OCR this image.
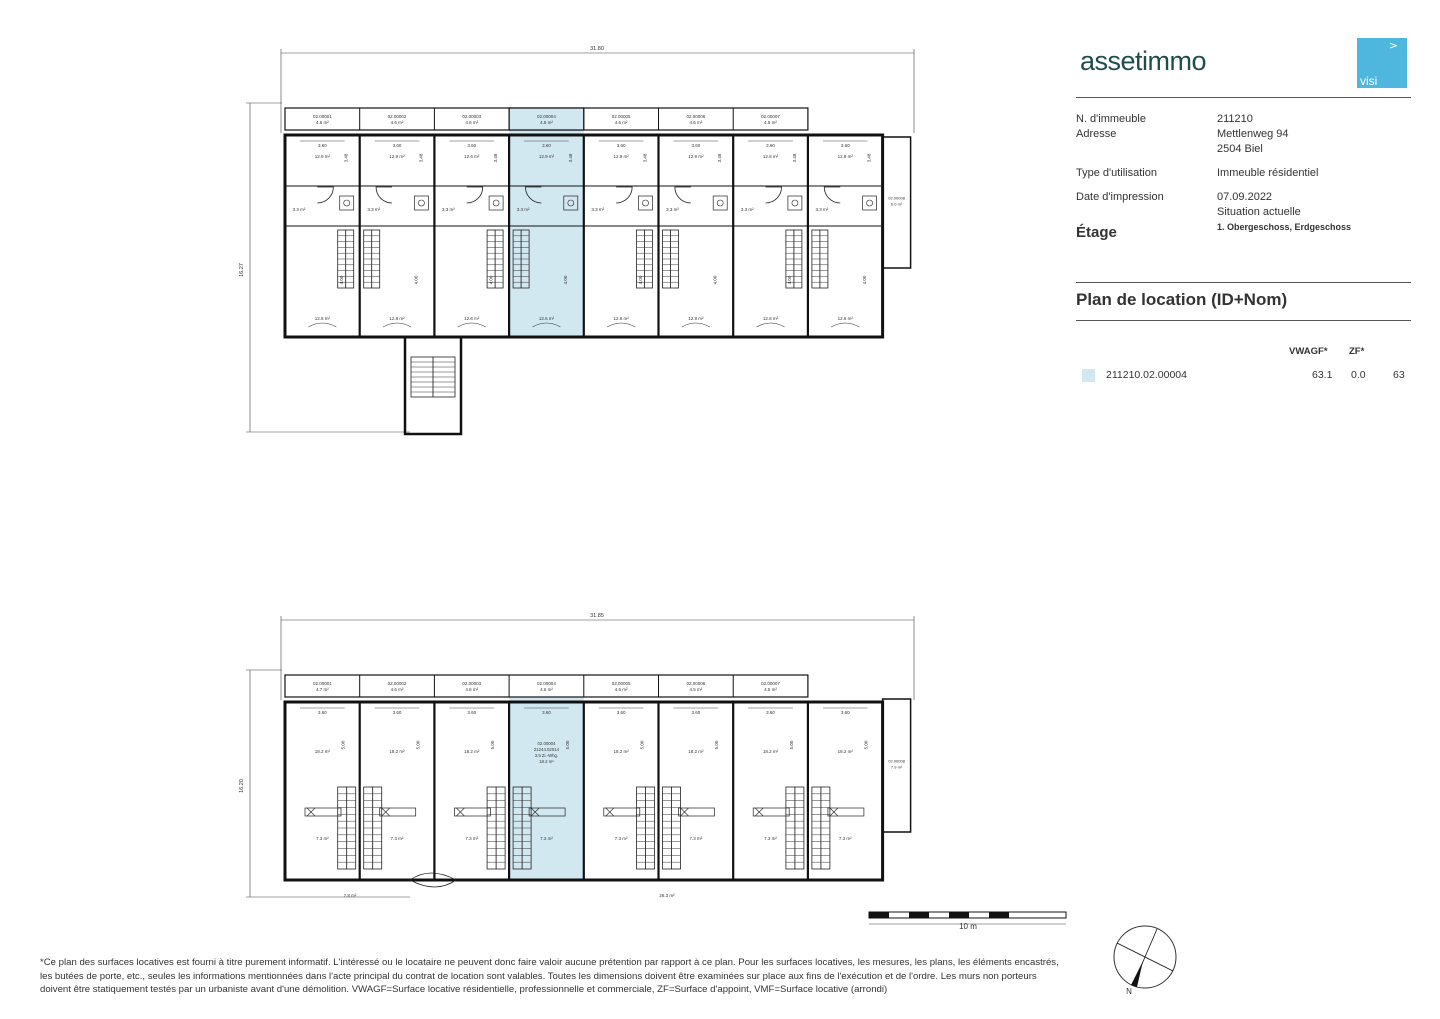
31.80
16.27
02.00001
4.6 m²
02.00002
4.6 m²
02.00003
4.6 m²
02.00004
4.6 m²
02.00005
4.6 m²
02.00006
4.6 m²
02.00007
4.5 m²
02.00008
6.0 m²
3.60
12.9 m²	3.48
3.3 m²
4.00
12.6 m²
3.60
12.9 m²	3.48
3.3 m²
4.00
12.8 m²
3.60
12.6 m²	3.48
3.3 m²
4.00
12.6 m²
3.60
12.9 m²	3.48
3.3 m²
4.00
12.6 m²
3.60
12.9 m²	3.48
3.3 m²
4.00
12.6 m²
3.60
12.9 m²	3.48
3.3 m²
4.00
12.9 m²
3.60
12.8 m²	3.48
3.3 m²
4.00
12.8 m²
3.60
12.8 m²	3.48
3.3 m²
4.00
12.6 m²
31.85
16.20
02.00001
4.7 m²
02.00002
4.6 m²
02.00003
4.6 m²
02.00004
4.6 m²
02.00005
4.6 m²
02.00006
4.5 m²
02.00007
4.5 m²
02.00008
7.9 m²
3.60
18.2 m²
5.00
7.3 m²
3.60
18.2 m²
5.00
7.3 m²
3.60
18.2 m²
5.00
7.3 m²
3.60
02.00004
21244.02014
3.5 Zi.-Whg.
18.2 m²
5.00
7.3 m²
3.60
18.2 m²
5.00
7.3 m²
3.60
18.2 m²
5.00
7.3 m²
3.60
18.2 m²
5.00
7.3 m²
3.60
18.2 m²
5.00
7.3 m²
7.8 m²	26.3 m²
10 m
N
assetimmo
>
visi
N. d'immeuble	211210
Adresse	Mettlenweg 94
2504 Biel
Type d'utilisation	Immeuble résidentiel
Date d'impression	07.09.2022
Situation actuelle
Étage	1. Obergeschoss, Erdgeschoss
Plan de location (ID+Nom)
VWAGF* ZF*
211210.02.00004	63.1 0.0	63

*Ce plan des surfaces locatives est fourni à titre purement informatif. L'intéressé ou le locataire ne peuvent donc faire valoir aucune prétention par rapport à ce plan. Pour les surfaces locatives, les mesures, les plans, les éléments encastrés, les butées de porte, etc., seules les informations mentionnées dans l'acte principal du contrat de location sont valables. Toutes les dimensions doivent être examinées sur place aux fins de l'exécution et de l'ordre. Les murs non porteurs doivent être statiquement testés par un urbaniste avant d'une démolition. VWAGF=Surface locative résidentielle, professionnelle et commerciale, ZF=Surface d'appoint, VMF=Surface locative (arrondi)
